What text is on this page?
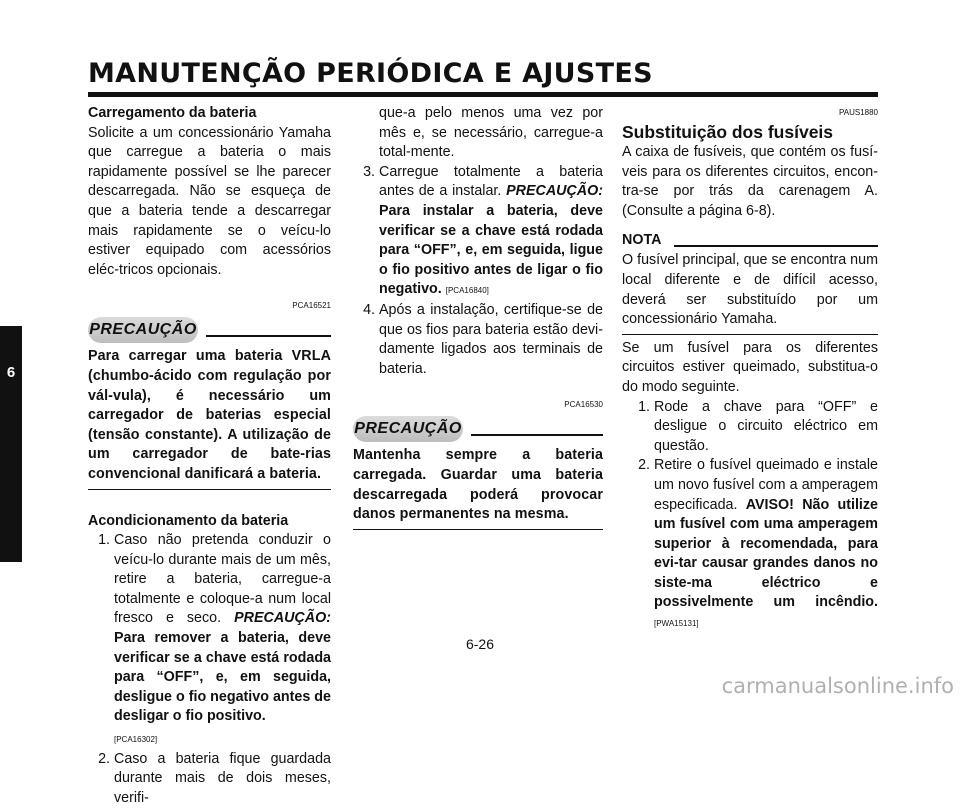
MANUTENÇÃO PERIÓDICA E AJUSTES
6

Carregamento da bateria

Solicite a um concessionário Yamaha que carregue a bateria o mais rapidamente possível se lhe parecer descarregada. Não se esqueça de que a bateria tende a descarregar mais rapidamente se o veícu-lo estiver equipado com acessórios eléc-tricos opcionais.

PCA16521
PRECAUÇÃO

Para carregar uma bateria VRLA (chumbo-ácido com regulação por vál-vula), é necessário um carregador de baterias especial (tensão constante). A utilização de um carregador de bate-rias convencional danificará a bateria.

Acondicionamento da bateria

1. Caso não pretenda conduzir o veícu-lo durante mais de um mês, retire a bateria, carregue-a totalmente e coloque-a num local fresco e seco. PRECAUÇÃO: Para remover a bateria, deve verificar se a chave está rodada para “OFF”, e, em seguida, desligue o fio negativo antes de desligar o fio positivo.
[PCA16302]
2. Caso a bateria fique guardada durante mais de dois meses, verifi-
que-a pelo menos uma vez por mês e, se necessário, carregue-a total-mente.
3. Carregue totalmente a bateria antes de a instalar. PRECAUÇÃO: Para instalar a bateria, deve verificar se a chave está rodada para “OFF”, e, em seguida, ligue o fio positivo antes de ligar o fio negativo. [PCA16840]
4. Após a instalação, certifique-se de que os fios para bateria estão devi-damente ligados aos terminais de bateria.
PCA16530
PRECAUÇÃO

Mantenha sempre a bateria carregada. Guardar uma bateria descarregada poderá provocar danos permanentes na mesma.

PAUS1880
Substituição dos fusíveis

A caixa de fusíveis, que contém os fusí-veis para os diferentes circuitos, encon-tra-se por trás da carenagem A. (Consulte a página 6-8).

NOTA

O fusível principal, que se encontra num local diferente e de difícil acesso, deverá ser substituído por um concessionário Yamaha.

Se um fusível para os diferentes circuitos estiver queimado, substitua-o do modo seguinte.

1. Rode a chave para “OFF” e desligue o circuito eléctrico em questão.
2. Retire o fusível queimado e instale um novo fusível com a amperagem especificada. AVISO! Não utilize um fusível com uma amperagem superior à recomendada, para evi-tar causar grandes danos no siste-ma eléctrico e possivelmente um incêndio. [PWA15131]
6-26
carmanualsonline.info
